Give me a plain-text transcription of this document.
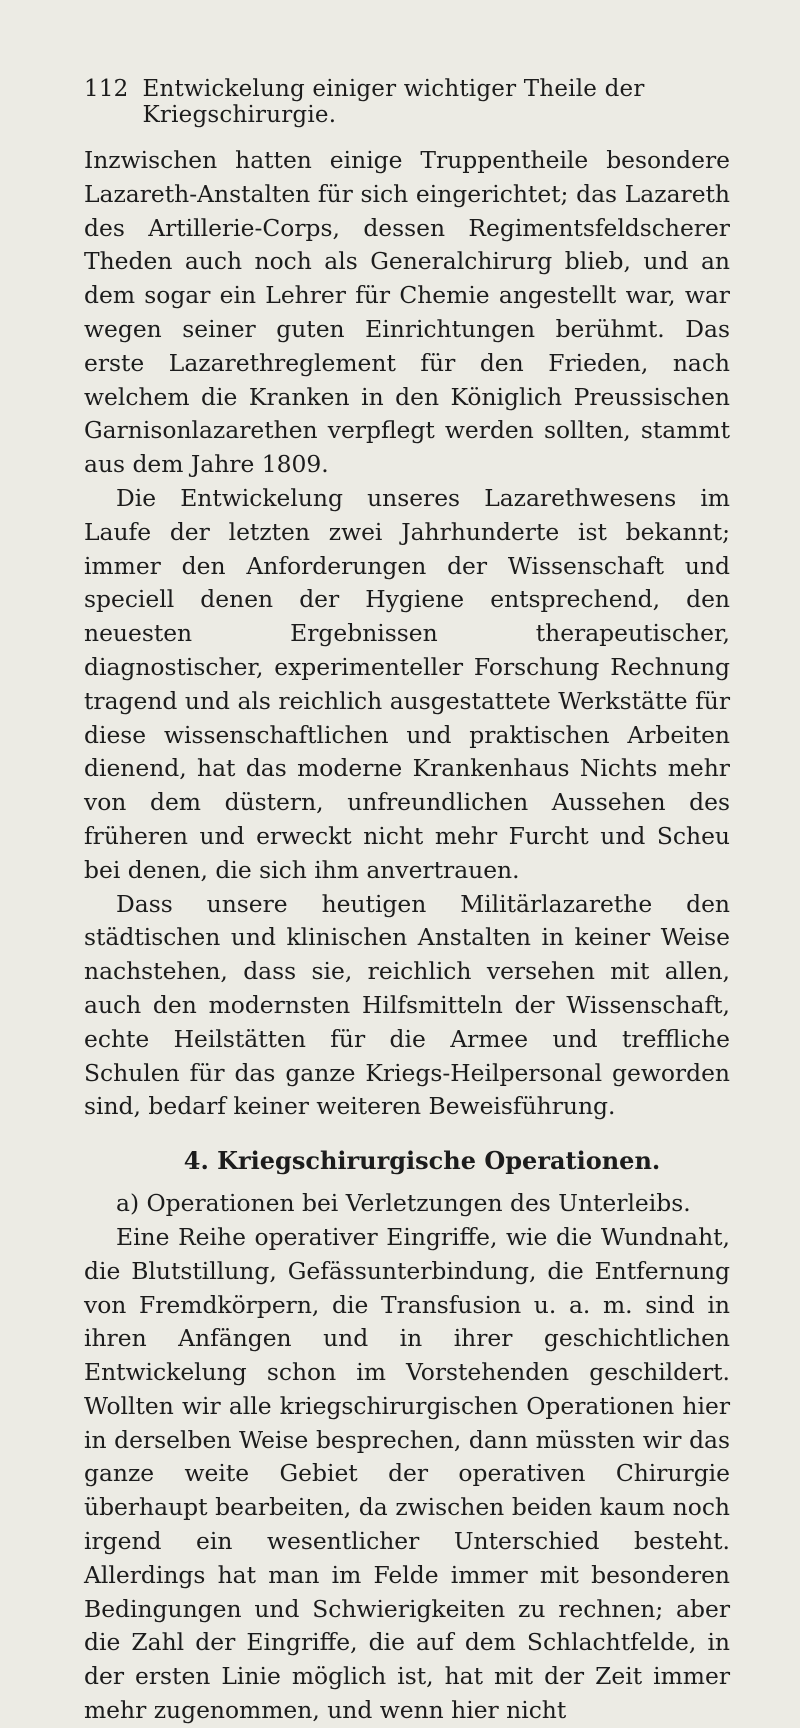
112 Entwickelung einiger wichtiger Theile der Kriegschirurgie.

Inzwischen hatten einige Truppentheile besondere Lazareth-Anstalten für sich eingerichtet; das Lazareth des Artillerie-Corps, dessen Regimentsfeldscherer Theden auch noch als Generalchirurg blieb, und an dem sogar ein Lehrer für Chemie angestellt war, war wegen seiner guten Einrichtungen berühmt. Das erste Lazarethreglement für den Frieden, nach welchem die Kranken in den Königlich Preussischen Garnisonlazarethen verpflegt werden sollten, stammt aus dem Jahre 1809.

Die Entwickelung unseres Lazarethwesens im Laufe der letzten zwei Jahrhunderte ist bekannt; immer den Anforderungen der Wissenschaft und speciell denen der Hygiene entsprechend, den neuesten Ergebnissen therapeutischer, diagnostischer, experimenteller Forschung Rechnung tragend und als reichlich ausgestattete Werkstätte für diese wissenschaftlichen und praktischen Arbeiten dienend, hat das moderne Krankenhaus Nichts mehr von dem düstern, unfreundlichen Aussehen des früheren und erweckt nicht mehr Furcht und Scheu bei denen, die sich ihm anvertrauen.

Dass unsere heutigen Militärlazarethe den städtischen und klinischen Anstalten in keiner Weise nachstehen, dass sie, reichlich versehen mit allen, auch den modernsten Hilfsmitteln der Wissenschaft, echte Heilstätten für die Armee und treffliche Schulen für das ganze Kriegs-Heilpersonal geworden sind, bedarf keiner weiteren Beweisführung.

4. Kriegschirurgische Operationen.

a) Operationen bei Verletzungen des Unterleibs.

Eine Reihe operativer Eingriffe, wie die Wundnaht, die Blutstillung, Gefässunterbindung, die Entfernung von Fremdkörpern, die Transfusion u. a. m. sind in ihren Anfängen und in ihrer geschichtlichen Entwickelung schon im Vorstehenden geschildert. Wollten wir alle kriegschirurgischen Operationen hier in derselben Weise besprechen, dann müssten wir das ganze weite Gebiet der operativen Chirurgie überhaupt bearbeiten, da zwischen beiden kaum noch irgend ein wesentlicher Unterschied besteht. Allerdings hat man im Felde immer mit besonderen Bedingungen und Schwierigkeiten zu rechnen; aber die Zahl der Eingriffe, die auf dem Schlachtfelde, in der ersten Linie möglich ist, hat mit der Zeit immer mehr zugenommen, und wenn hier nicht
